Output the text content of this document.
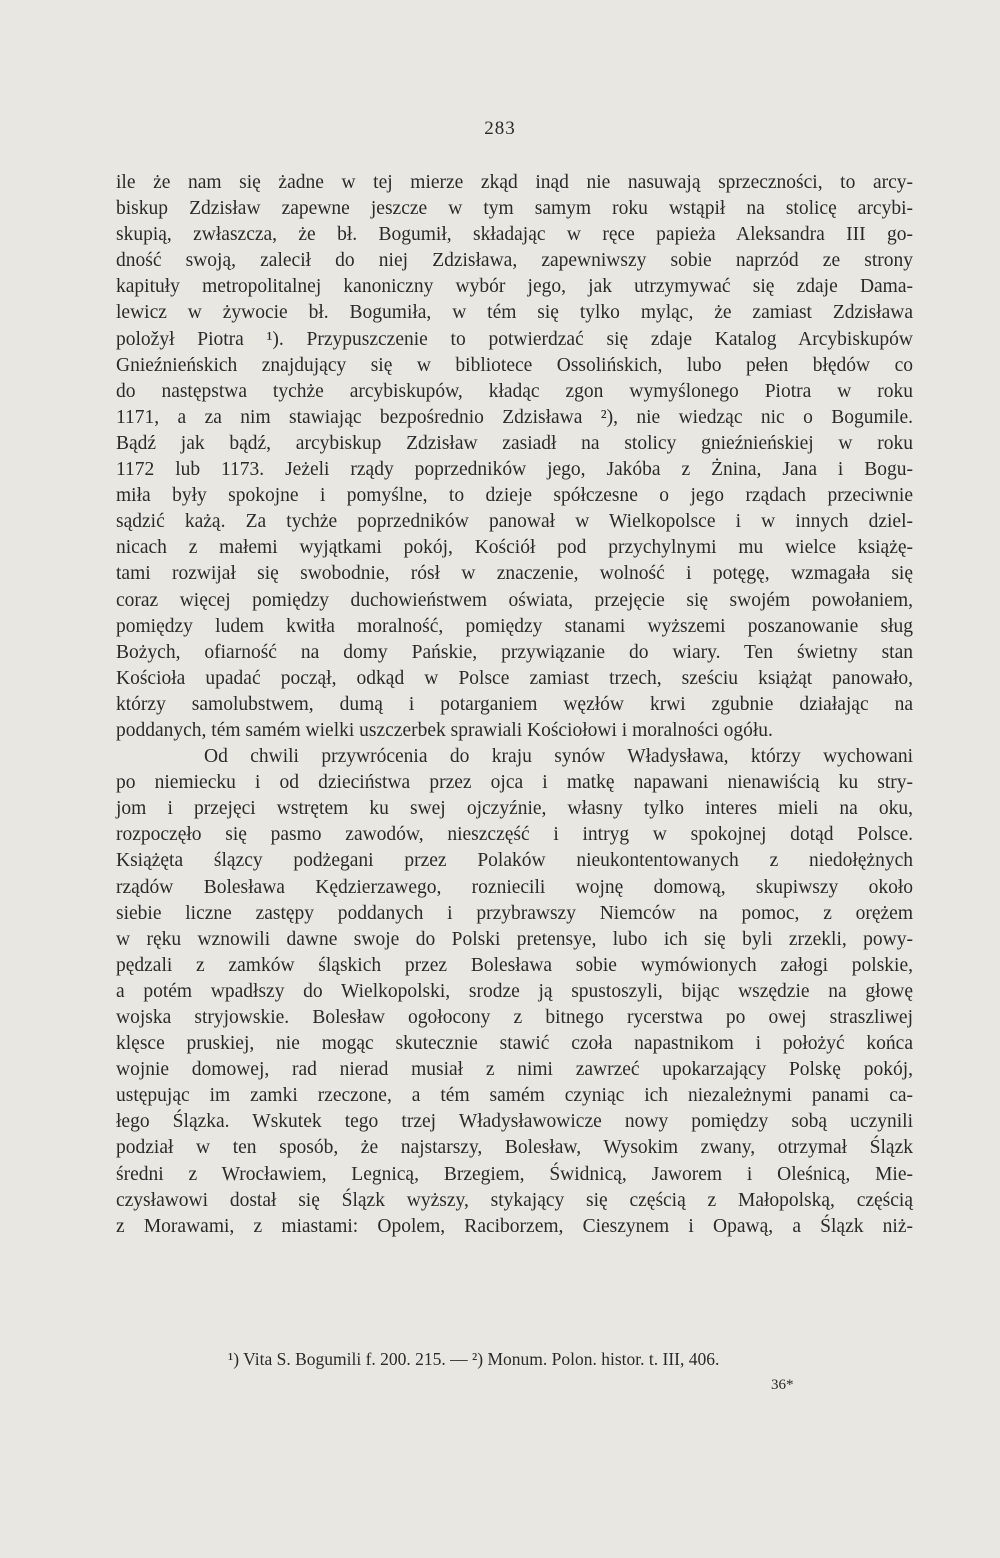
283
ile że nam się żadne w tej mierze zkąd inąd nie nasuwają sprzeczności, to arcy-
biskup Zdzisław zapewne jeszcze w tym samym roku wstąpił na stolicę arcybi-
skupią, zwłaszcza, że bł. Bogumił, składając w ręce papieża Aleksandra III go-
dność swoją, zalecił do niej Zdzisława, zapewniwszy sobie naprzód ze strony
kapituły metropolitalnej kanoniczny wybór jego, jak utrzymywać się zdaje Dama-
lewicz w żywocie bł. Bogumiła, w tém się tylko myląc, że zamiast Zdzisława
položył Piotra ¹). Przypuszczenie to potwierdzać się zdaje Katalog Arcybiskupów
Gnieźnieńskich znajdujący się w bibliotece Ossolińskich, lubo pełen błędów co
do następstwa tychże arcybiskupów, kładąc zgon wymyślonego Piotra w roku
1171, a za nim stawiając bezpośrednio Zdzisława ²), nie wiedząc nic o Bogumile.
Bądź jak bądź, arcybiskup Zdzisław zasiadł na stolicy gnieźnieńskiej w roku
1172 lub 1173. Jeżeli rządy poprzedników jego, Jakóba z Żnina, Jana i Bogu-
miła były spokojne i pomyślne, to dzieje spółczesne o jego rządach przeciwnie
sądzić każą. Za tychże poprzedników panował w Wielkopolsce i w innych dziel-
nicach z małemi wyjątkami pokój, Kościół pod przychylnymi mu wielce książę-
tami rozwijał się swobodnie, rósł w znaczenie, wolność i potęgę, wzmagała się
coraz więcej pomiędzy duchowieństwem oświata, przejęcie się swojém powołaniem,
pomiędzy ludem kwitła moralność, pomiędzy stanami wyższemi poszanowanie sług
Bożych, ofiarność na domy Pańskie, przywiązanie do wiary. Ten świetny stan
Kościoła upadać począł, odkąd w Polsce zamiast trzech, sześciu książąt panowało,
którzy samolubstwem, dumą i potarganiem węzłów krwi zgubnie działając na
poddanych, tém samém wielki uszczerbek sprawiali Kościołowi i moralności ogółu.
Od chwili przywrócenia do kraju synów Władysława, którzy wychowani
po niemiecku i od dzieciństwa przez ojca i matkę napawani nienawiścią ku stry-
jom i przejęci wstrętem ku swej ojczyźnie, własny tylko interes mieli na oku,
rozpoczęło się pasmo zawodów, nieszczęść i intryg w spokojnej dotąd Polsce.
Książęta ślązcy podżegani przez Polaków nieukontentowanych z niedołężnych
rządów Bolesława Kędzierzawego, rozniecili wojnę domową, skupiwszy około
siebie liczne zastępy poddanych i przybrawszy Niemców na pomoc, z orężem
w ręku wznowili dawne swoje do Polski pretensye, lubo ich się byli zrzekli, powy-
pędzali z zamków śląskich przez Bolesława sobie wymówionych załogi polskie,
a potém wpadłszy do Wielkopolski, srodze ją spustoszyli, bijąc wszędzie na głowę
wojska stryjowskie. Bolesław ogołocony z bitnego rycerstwa po owej straszliwej
klęsce pruskiej, nie mogąc skutecznie stawić czoła napastnikom i położyć końca
wojnie domowej, rad nierad musiał z nimi zawrzeć upokarzający Polskę pokój,
ustępując im zamki rzeczone, a tém samém czyniąc ich niezależnymi panami ca-
łego Ślązka. Wskutek tego trzej Władysławowicze nowy pomiędzy sobą uczynili
podział w ten sposób, że najstarszy, Bolesław, Wysokim zwany, otrzymał Ślązk
średni z Wrocławiem, Legnicą, Brzegiem, Świdnicą, Jaworem i Oleśnicą, Mie-
czysławowi dostał się Ślązk wyższy, stykający się częścią z Małopolską, częścią
z Morawami, z miastami: Opolem, Raciborzem, Cieszynem i Opawą, a Ślązk niż-
¹) Vita S. Bogumili f. 200. 215. — ²) Monum. Polon. histor. t. III, 406.
36*
